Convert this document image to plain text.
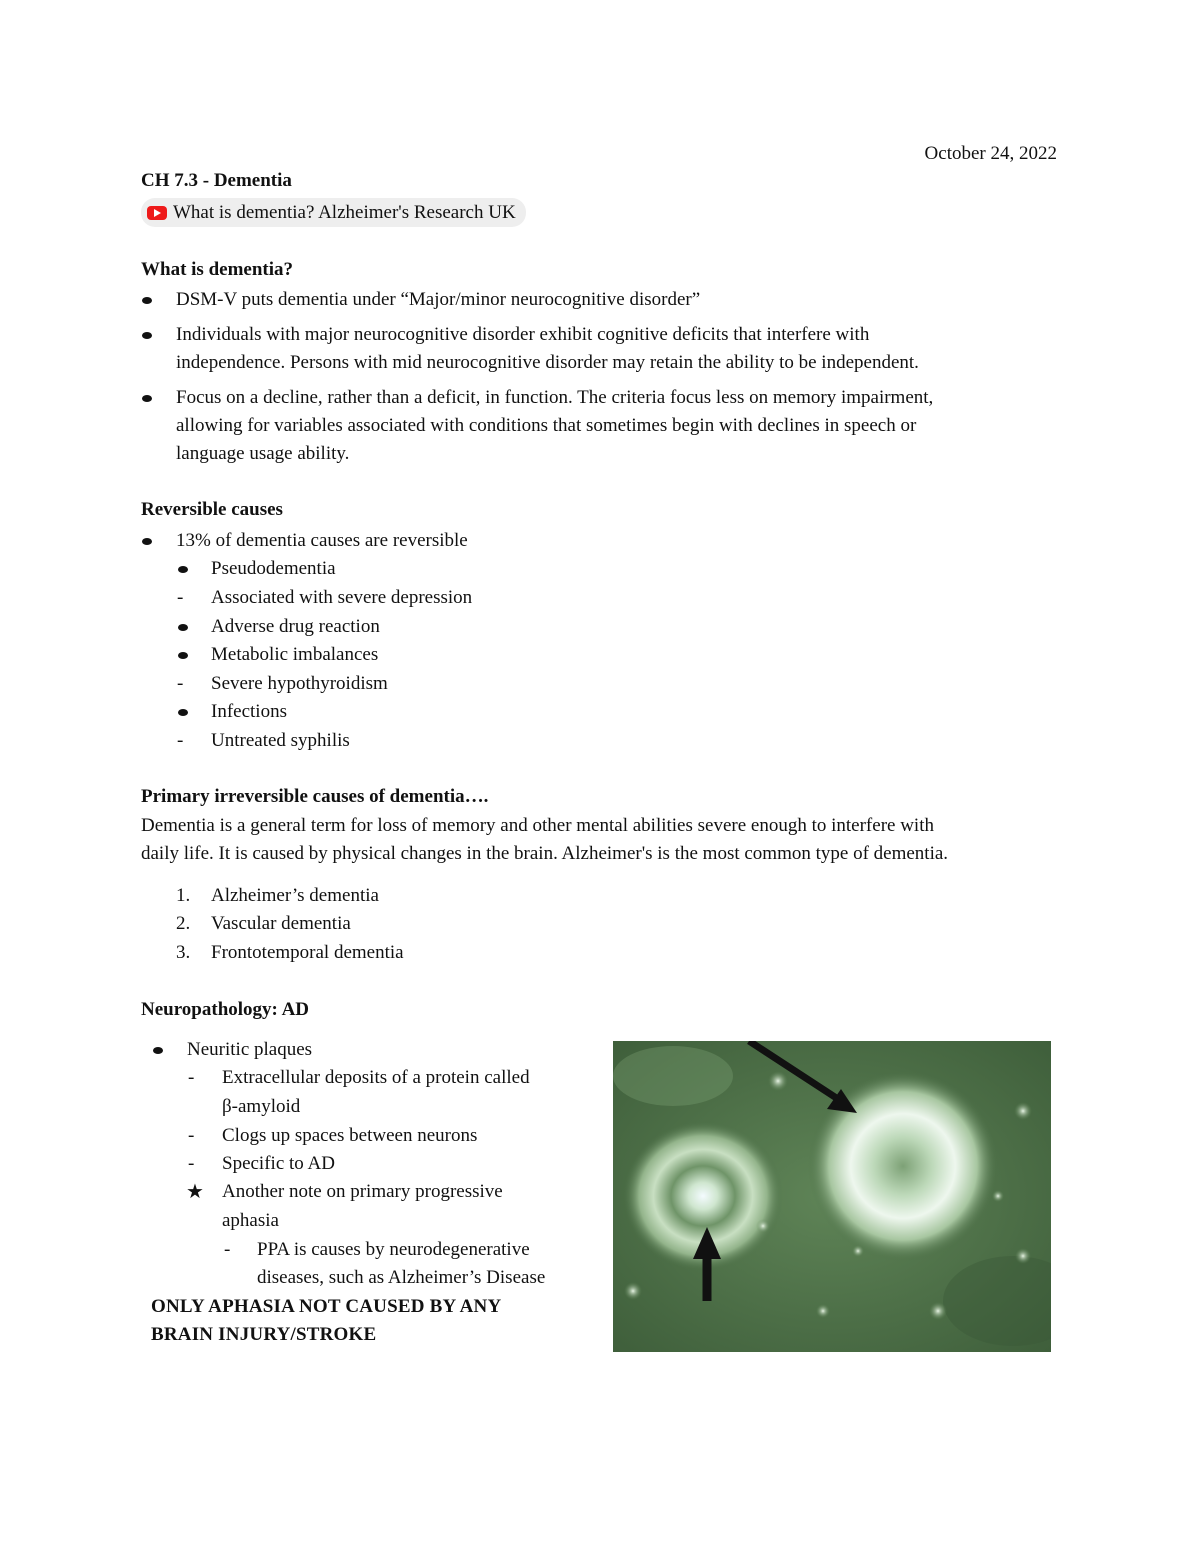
October 24, 2022
CH 7.3 - Dementia
What is dementia? Alzheimer's Research UK
What is dementia?
DSM-V puts dementia under “Major/minor neurocognitive disorder”
Individuals with major neurocognitive disorder exhibit cognitive deficits that interfere with
independence. Persons with mid neurocognitive disorder may retain the ability to be independent.
Focus on a decline, rather than a deficit, in function. The criteria focus less on memory impairment,
allowing for variables associated with conditions that sometimes begin with declines in speech or
language usage ability.
Reversible causes
13% of dementia causes are reversible
Pseudodementia
- Associated with severe depression
Adverse drug reaction
Metabolic imbalances
- Severe hypothyroidism
Infections
- Untreated syphilis
Primary irreversible causes of dementia….
Dementia is a general term for loss of memory and other mental abilities severe enough to interfere with
daily life. It is caused by physical changes in the brain. Alzheimer's is the most common type of dementia.
1. Alzheimer’s dementia
2. Vascular dementia
3. Frontotemporal dementia
Neuropathology: AD
Neuritic plaques
- Extracellular deposits of a protein called
β-amyloid
- Clogs up spaces between neurons
- Specific to AD
★ Another note on primary progressive
aphasia
- PPA is causes by neurodegenerative
diseases, such as Alzheimer’s Disease
ONLY APHASIA NOT CAUSED BY ANY
BRAIN INJURY/STROKE
